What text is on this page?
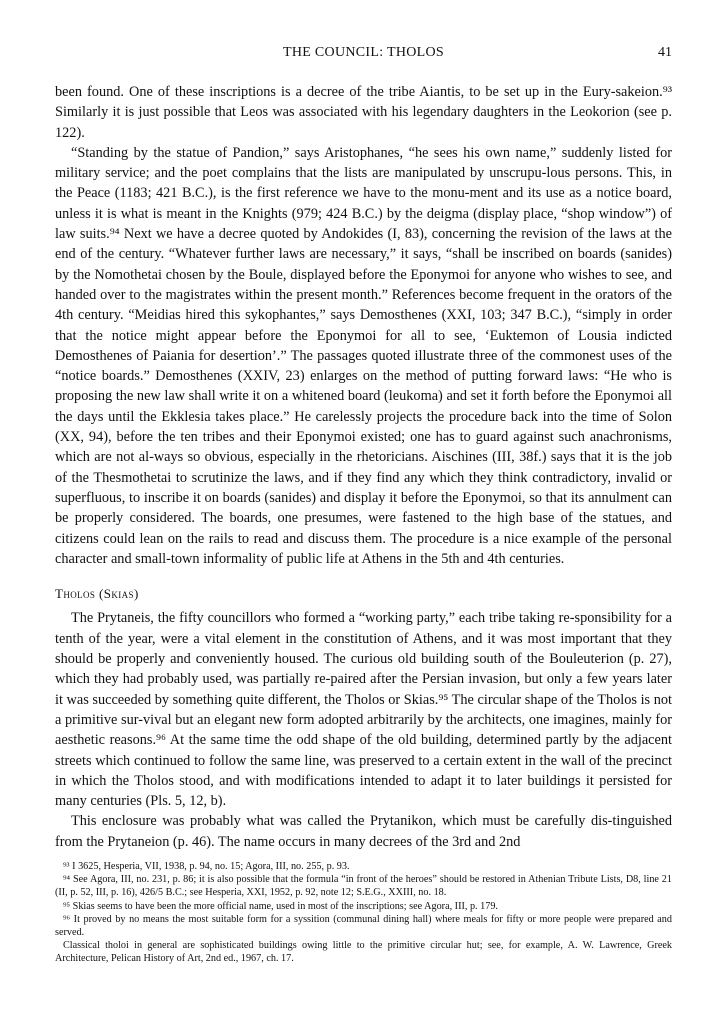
THE COUNCIL: THOLOS	41

been found. One of these inscriptions is a decree of the tribe Aiantis, to be set up in the Eury-sakeion.⁹³ Similarly it is just possible that Leos was associated with his legendary daughters in the Leokorion (see p. 122).

“Standing by the statue of Pandion,” says Aristophanes, “he sees his own name,” suddenly listed for military service; and the poet complains that the lists are manipulated by unscrupu-lous persons. This, in the Peace (1183; 421 B.C.), is the first reference we have to the monu-ment and its use as a notice board, unless it is what is meant in the Knights (979; 424 B.C.) by the deigma (display place, “shop window”) of law suits.⁹⁴ Next we have a decree quoted by Andokides (I, 83), concerning the revision of the laws at the end of the century. “Whatever further laws are necessary,” it says, “shall be inscribed on boards (sanides) by the Nomothetai chosen by the Boule, displayed before the Eponymoi for anyone who wishes to see, and handed over to the magistrates within the present month.” References become frequent in the orators of the 4th century. “Meidias hired this sykophantes,” says Demosthenes (XXI, 103; 347 B.C.), “simply in order that the notice might appear before the Eponymoi for all to see, ‘Euktemon of Lousia indicted Demosthenes of Paiania for desertion’.” The passages quoted illustrate three of the commonest uses of the “notice boards.” Demosthenes (XXIV, 23) enlarges on the method of putting forward laws: “He who is proposing the new law shall write it on a whitened board (leukoma) and set it forth before the Eponymoi all the days until the Ekklesia takes place.” He carelessly projects the procedure back into the time of Solon (XX, 94), before the ten tribes and their Eponymoi existed; one has to guard against such anachronisms, which are not al-ways so obvious, especially in the rhetoricians. Aischines (III, 38f.) says that it is the job of the Thesmothetai to scrutinize the laws, and if they find any which they think contradictory, invalid or superfluous, to inscribe it on boards (sanides) and display it before the Eponymoi, so that its annulment can be properly considered. The boards, one presumes, were fastened to the high base of the statues, and citizens could lean on the rails to read and discuss them. The procedure is a nice example of the personal character and small-town informality of public life at Athens in the 5th and 4th centuries.

Tholos (Skias)

The Prytaneis, the fifty councillors who formed a “working party,” each tribe taking re-sponsibility for a tenth of the year, were a vital element in the constitution of Athens, and it was most important that they should be properly and conveniently housed. The curious old building south of the Bouleuterion (p. 27), which they had probably used, was partially re-paired after the Persian invasion, but only a few years later it was succeeded by something quite different, the Tholos or Skias.⁹⁵ The circular shape of the Tholos is not a primitive sur-vival but an elegant new form adopted arbitrarily by the architects, one imagines, mainly for aesthetic reasons.⁹⁶ At the same time the odd shape of the old building, determined partly by the adjacent streets which continued to follow the same line, was preserved to a certain extent in the wall of the precinct in which the Tholos stood, and with modifications intended to adapt it to later buildings it persisted for many centuries (Pls. 5, 12, b).

This enclosure was probably what was called the Prytanikon, which must be carefully dis-tinguished from the Prytaneion (p. 46). The name occurs in many decrees of the 3rd and 2nd

⁹³ I 3625, Hesperia, VII, 1938, p. 94, no. 15; Agora, III, no. 255, p. 93.

⁹⁴ See Agora, III, no. 231, p. 86; it is also possible that the formula “in front of the heroes” should be restored in Athenian Tribute Lists, D8, line 21 (II, p. 52, III, p. 16), 426/5 B.C.; see Hesperia, XXI, 1952, p. 92, note 12; S.E.G., XXIII, no. 18.

⁹⁵ Skias seems to have been the more official name, used in most of the inscriptions; see Agora, III, p. 179.

⁹⁶ It proved by no means the most suitable form for a syssition (communal dining hall) where meals for fifty or more people were prepared and served.

Classical tholoi in general are sophisticated buildings owing little to the primitive circular hut; see, for example, A. W. Lawrence, Greek Architecture, Pelican History of Art, 2nd ed., 1967, ch. 17.
